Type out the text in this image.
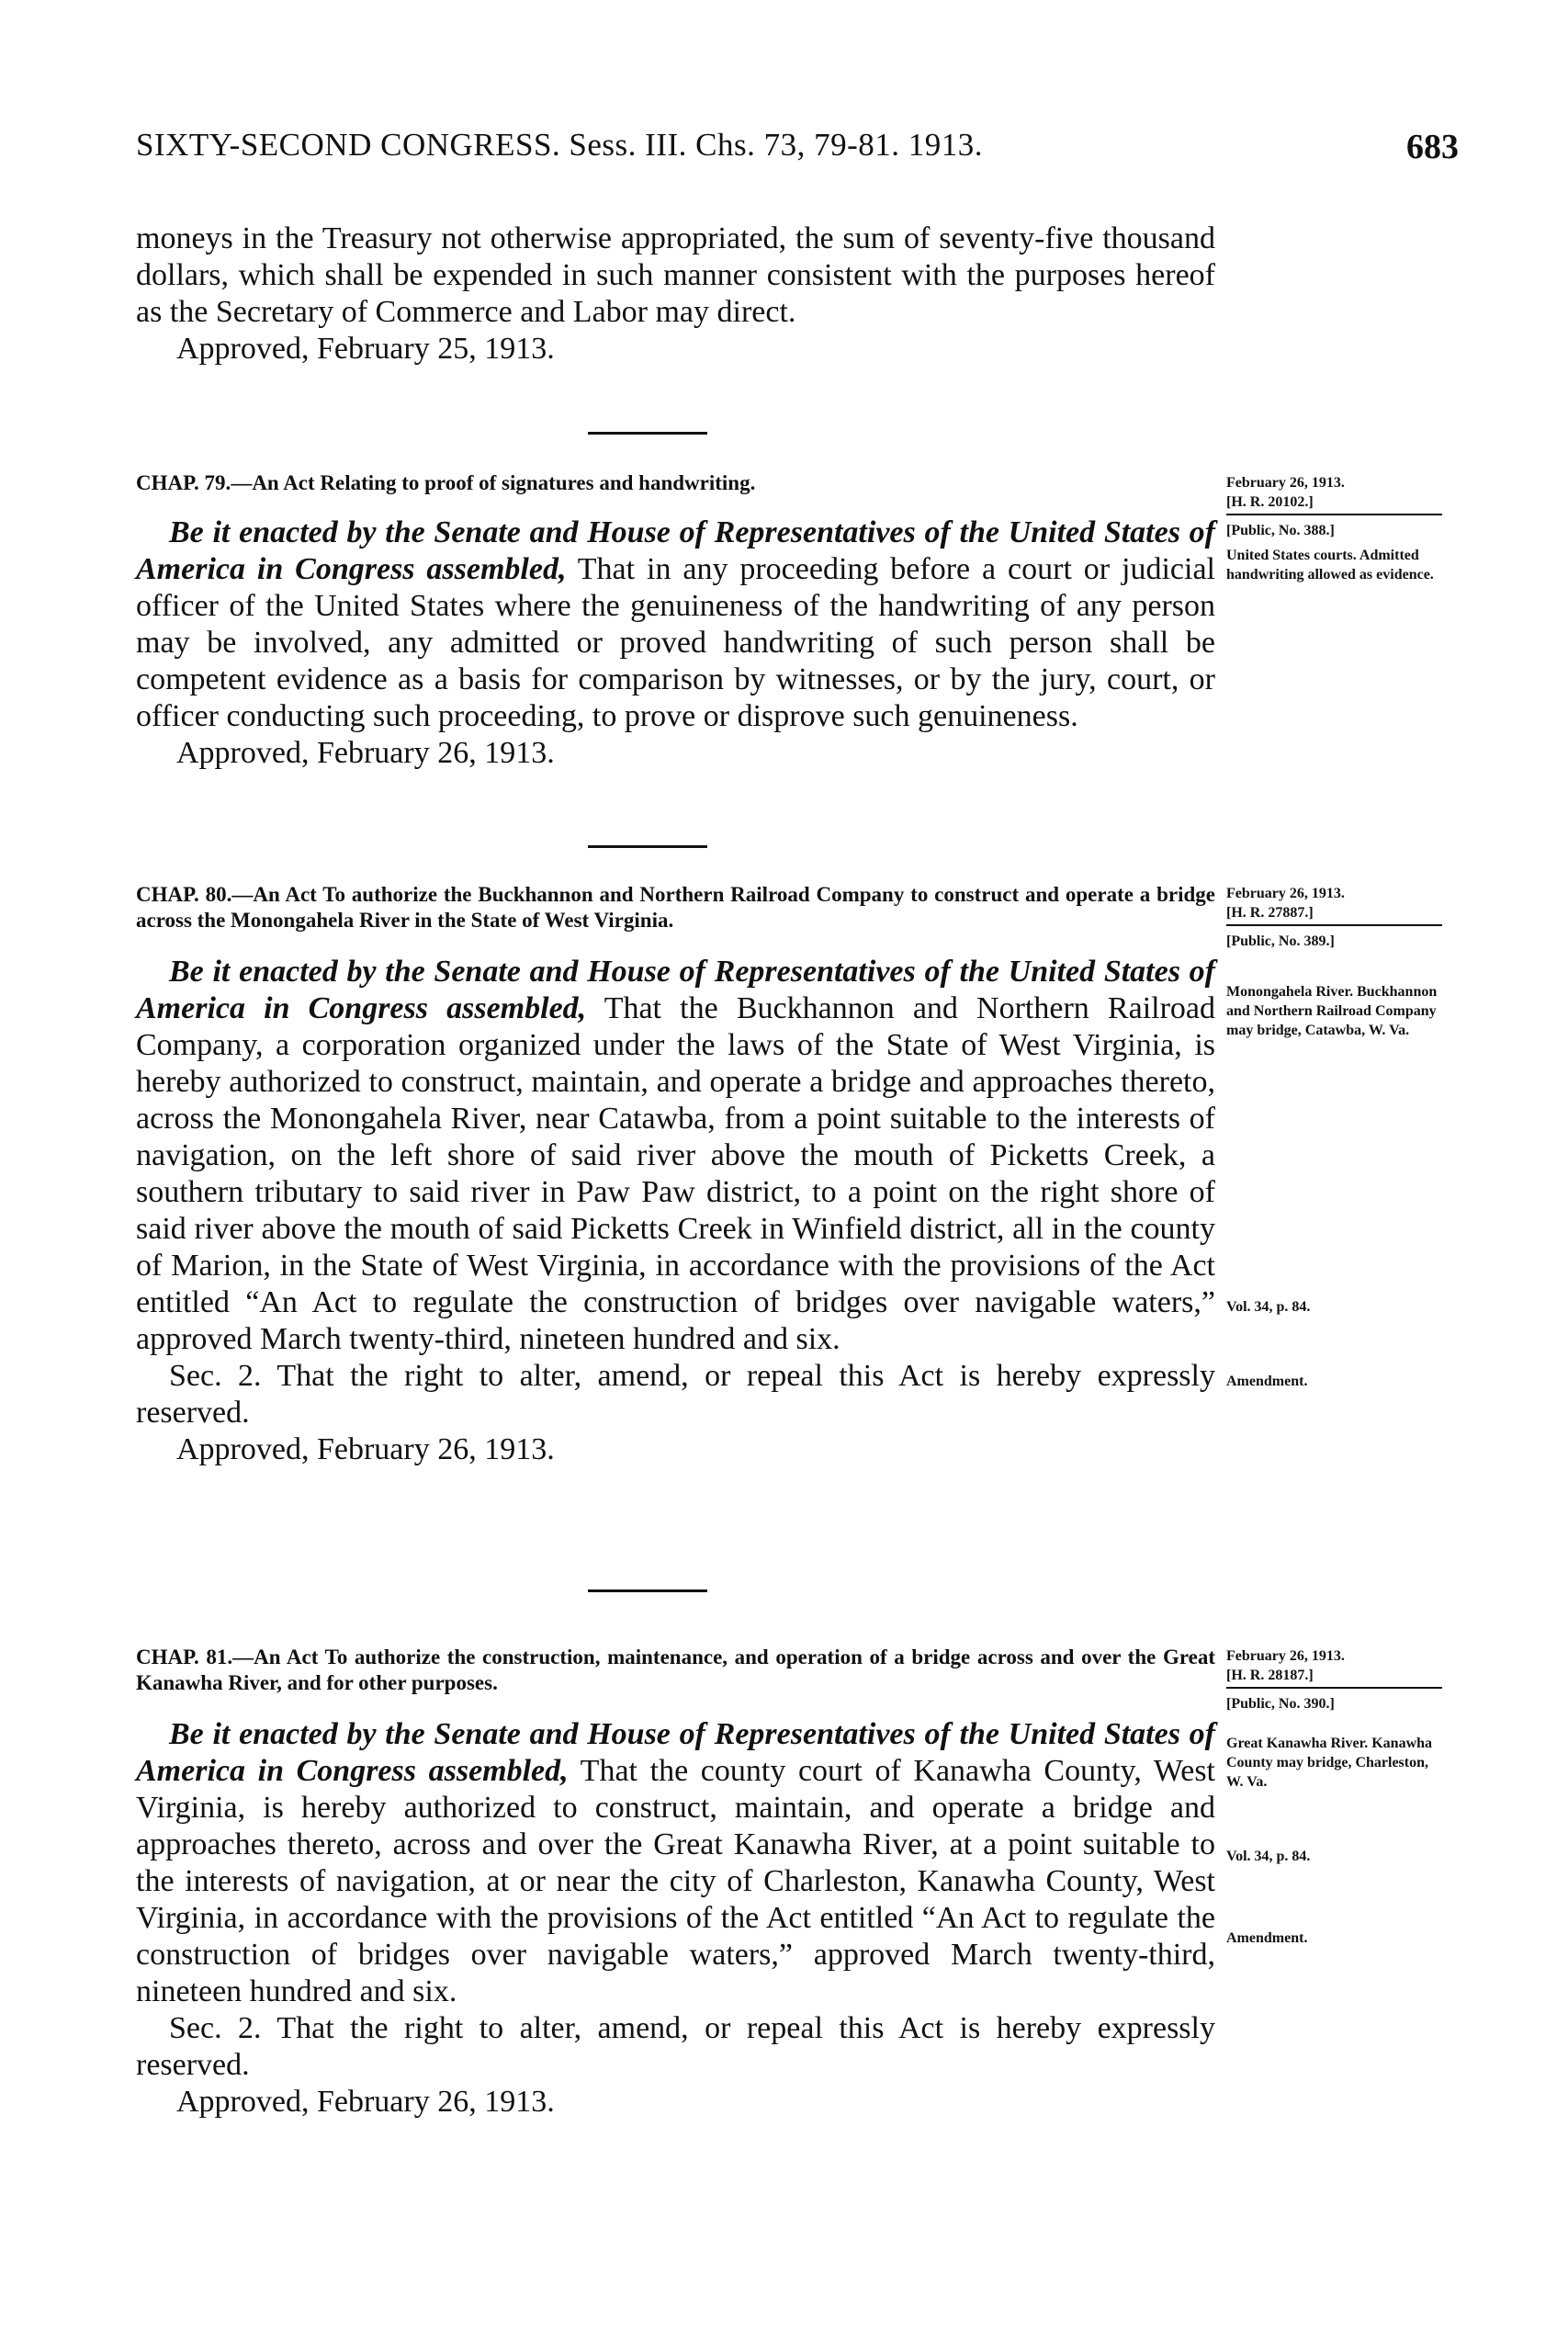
SIXTY-SECOND CONGRESS. Sess. III. Chs. 73, 79-81. 1913.	683

moneys in the Treasury not otherwise appropriated, the sum of seventy-five thousand dollars, which shall be expended in such manner consistent with the purposes hereof as the Secretary of Commerce and Labor may direct.

Approved, February 25, 1913.

CHAP. 79.—An Act Relating to proof of signatures and handwriting.

Be it enacted by the Senate and House of Representatives of the United States of America in Congress assembled, That in any proceeding before a court or judicial officer of the United States where the genuineness of the handwriting of any person may be involved, any admitted or proved handwriting of such person shall be competent evidence as a basis for comparison by witnesses, or by the jury, court, or officer conducting such proceeding, to prove or disprove such genuineness.

Approved, February 26, 1913.

February 26, 1913.
[H. R. 20102.]
[Public, No. 388.]
United States courts. Admitted handwriting allowed as evidence.

CHAP. 80.—An Act To authorize the Buckhannon and Northern Railroad Company to construct and operate a bridge across the Monongahela River in the State of West Virginia.

Be it enacted by the Senate and House of Representatives of the United States of America in Congress assembled, That the Buckhannon and Northern Railroad Company, a corporation organized under the laws of the State of West Virginia, is hereby authorized to construct, maintain, and operate a bridge and approaches thereto, across the Monongahela River, near Catawba, from a point suitable to the interests of navigation, on the left shore of said river above the mouth of Picketts Creek, a southern tributary to said river in Paw Paw district, to a point on the right shore of said river above the mouth of said Picketts Creek in Winfield district, all in the county of Marion, in the State of West Virginia, in accordance with the provisions of the Act entitled “An Act to regulate the construction of bridges over navigable waters,” approved March twenty-third, nineteen hundred and six.

Sec. 2. That the right to alter, amend, or repeal this Act is hereby expressly reserved.

Approved, February 26, 1913.

February 26, 1913.
[H. R. 27887.]
[Public, No. 389.]
Monongahela River. Buckhannon and Northern Railroad Company may bridge, Catawba, W. Va.
Vol. 34, p. 84.
Amendment.

CHAP. 81.—An Act To authorize the construction, maintenance, and operation of a bridge across and over the Great Kanawha River, and for other purposes.

Be it enacted by the Senate and House of Representatives of the United States of America in Congress assembled, That the county court of Kanawha County, West Virginia, is hereby authorized to construct, maintain, and operate a bridge and approaches thereto, across and over the Great Kanawha River, at a point suitable to the interests of navigation, at or near the city of Charleston, Kanawha County, West Virginia, in accordance with the provisions of the Act entitled “An Act to regulate the construction of bridges over navigable waters,” approved March twenty-third, nineteen hundred and six.

Sec. 2. That the right to alter, amend, or repeal this Act is hereby expressly reserved.

Approved, February 26, 1913.

February 26, 1913.
[H. R. 28187.]
[Public, No. 390.]
Great Kanawha River. Kanawha County may bridge, Charleston, W. Va.
Vol. 34, p. 84.
Amendment.
